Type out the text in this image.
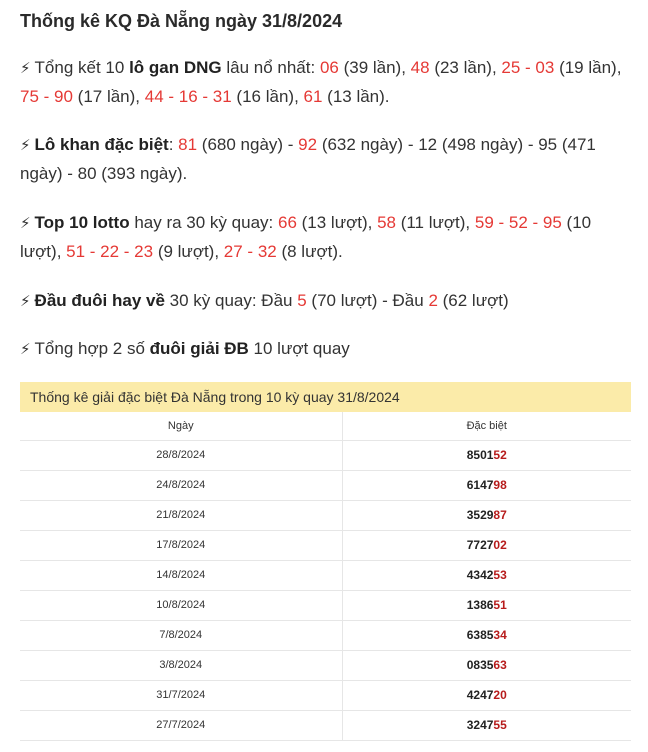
Thống kê KQ Đà Nẵng ngày 31/8/2024
⚡ Tổng kết 10 lô gan DNG lâu nổ nhất: 06 (39 lần), 48 (23 lần), 25 - 03 (19 lần), 75 - 90 (17 lần), 44 - 16 - 31 (16 lần), 61 (13 lần).
⚡ Lô khan đặc biệt: 81 (680 ngày) - 92 (632 ngày) - 12 (498 ngày) - 95 (471 ngày) - 80 (393 ngày).
⚡ Top 10 lotto hay ra 30 kỳ quay: 66 (13 lượt), 58 (11 lượt), 59 - 52 - 95 (10 lượt), 51 - 22 - 23 (9 lượt), 27 - 32 (8 lượt).
⚡ Đầu đuôi hay về 30 kỳ quay: Đầu 5 (70 lượt) - Đầu 2 (62 lượt)
⚡ Tổng hợp 2 số đuôi giải ĐB 10 lượt quay
Thống kê giải đặc biệt Đà Nẵng trong 10 kỳ quay 31/8/2024
Ngày	Đặc biệt
28/8/2024	850152
24/8/2024	614798
21/8/2024	352987
17/8/2024	772702
14/8/2024	434253
10/8/2024	138651
7/8/2024	638534
3/8/2024	083563
31/7/2024	424720
27/7/2024	324755
